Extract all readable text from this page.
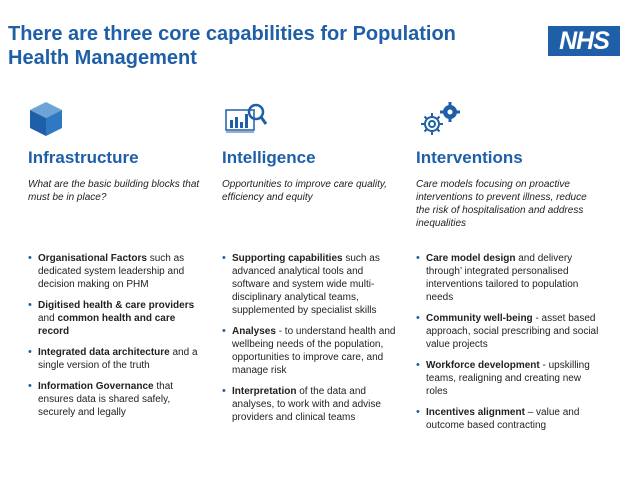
There are three core capabilities for Population
Health Management
NHS
Infrastructure

What are the basic building blocks that must be in place?

• Organisational Factors such as dedicated system leadership and decision making on PHM
• Digitised health & care providers and common health and care record
• Integrated data architecture and a single version of the truth
• Information Governance that ensures data is shared safely, securely and legally
Intelligence

Opportunities to improve care quality, efficiency and equity

• Supporting capabilities such as advanced analytical tools and software and system wide multi-disciplinary analytical teams, supplemented by specialist skills
• Analyses - to understand health and wellbeing needs of the population, opportunities to improve care, and manage risk
• Interpretation of the data and analyses, to work with and advise providers and clinical teams
Interventions

Care models focusing on proactive interventions to prevent illness, reduce the risk of hospitalisation and address inequalities

• Care model design and delivery through’ integrated personalised interventions tailored to population needs
• Community well-being - asset based approach, social prescribing and social value projects
• Workforce development - upskilling teams, realigning and creating new roles
• Incentives alignment – value and outcome based contracting
